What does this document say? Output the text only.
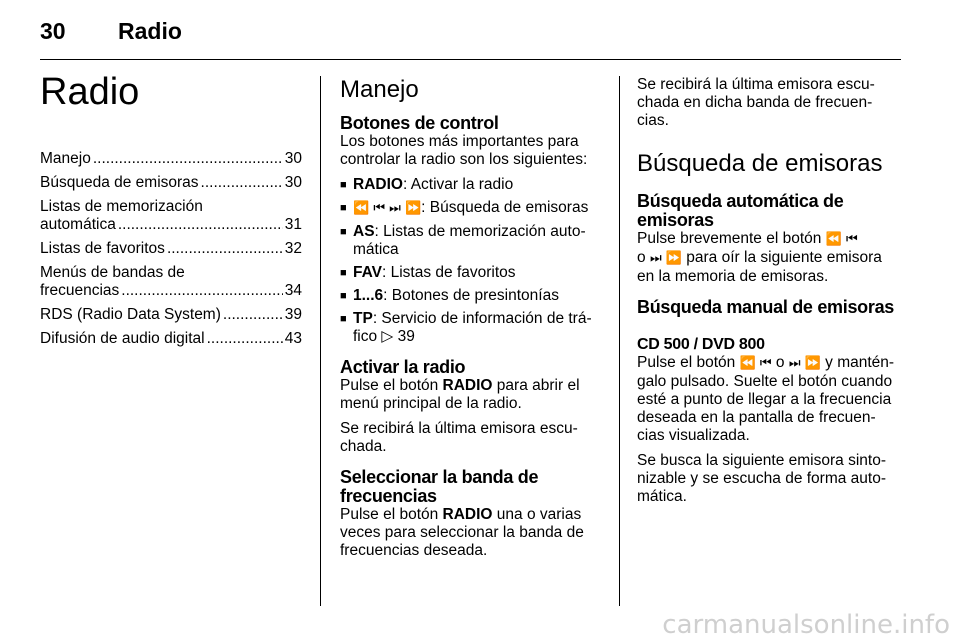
30 Radio
Radio
Manejo .....	30
Búsqueda de emisoras .....	30
Listas de memorización
automática .....	31
Listas de favoritos .....	32
Menús de bandas de
frecuencias .....	34
RDS (Radio Data System) .....	39
Difusión de audio digital .....	43
Manejo
Botones de control

Los botones más importantes para controlar la radio son los siguientes:

■ RADIO: Activar la radio
■ ⏪ ⏮ ⏭ ⏩: Búsqueda de emisoras
■ AS: Listas de memorización auto-mática
■ FAV: Listas de favoritos
■ 1...6: Botones de presintonías
■ TP: Servicio de información de trá-fico ▷ 39
Activar la radio

Pulse el botón RADIO para abrir el menú principal de la radio.

Se recibirá la última emisora escu-chada.

Seleccionar la banda de frecuencias

Pulse el botón RADIO una o varias veces para seleccionar la banda de frecuencias deseada.

Se recibirá la última emisora escu-chada en dicha banda de frecuen-cias.

Búsqueda de emisoras
Búsqueda automática de emisoras

Pulse brevemente el botón ⏪ ⏮
o ⏭ ⏩ para oír la siguiente emisora en la memoria de emisoras.

Búsqueda manual de emisoras
CD 500 / DVD 800

Pulse el botón ⏪ ⏮ o ⏭ ⏩ y mantén-galo pulsado. Suelte el botón cuando esté a punto de llegar a la frecuencia deseada en la pantalla de frecuen-cias visualizada.

Se busca la siguiente emisora sinto-nizable y se escucha de forma auto-mática.

carmanualsonline.info
